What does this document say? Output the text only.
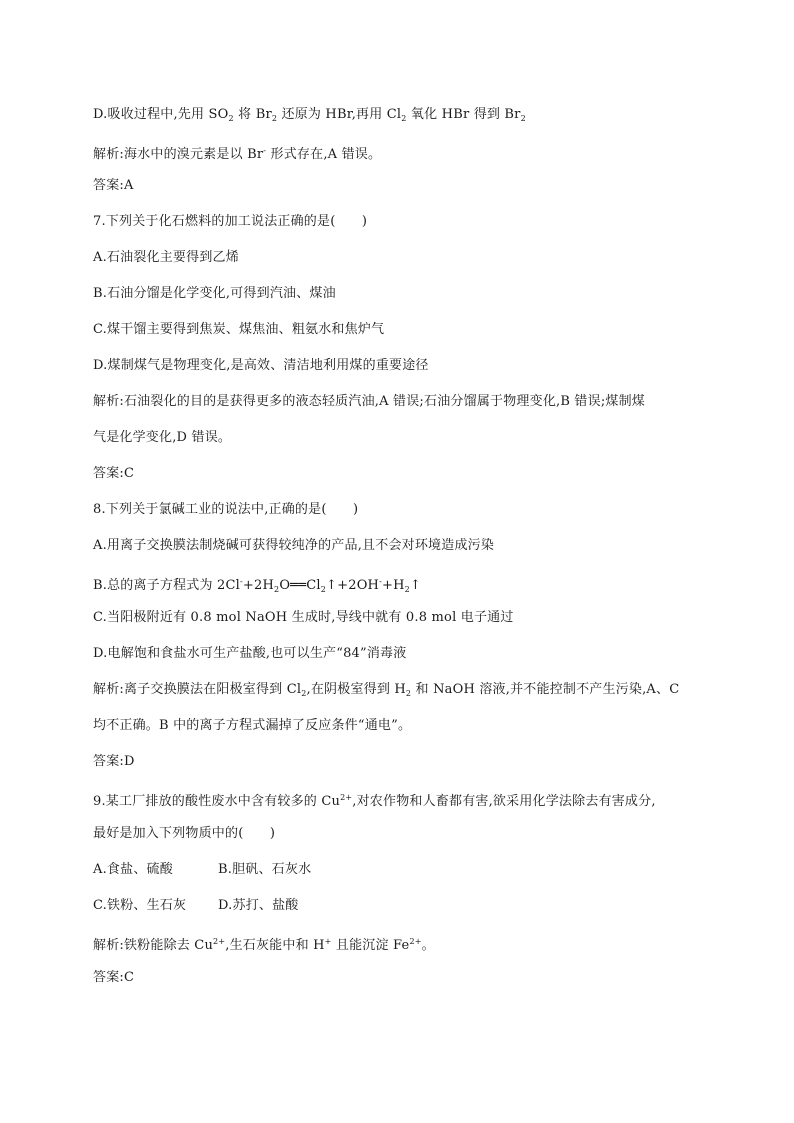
D.吸收过程中,先用 $SO_2$ 将 $Br_2$ 还原为 HBr,再用 $Cl_2$ 氧化 HBr 得到 $Br_2$
解析:海水中的溴元素是以 Br- 形式存在,A 错误。
答案:A
7.下列关于化石燃料的加工说法正确的是(　　)
A.石油裂化主要得到乙烯
B.石油分馏是化学变化,可得到汽油、煤油
C.煤干馏主要得到焦炭、煤焦油、粗氨水和焦炉气
D.煤制煤气是物理变化,是高效、清洁地利用煤的重要途径
解析:石油裂化的目的是获得更多的液态轻质汽油,A 错误;石油分馏属于物理变化,B 错误;煤制煤
气是化学变化,D 错误。
答案:C
8.下列关于氯碱工业的说法中,正确的是(　　)
A.用离子交换膜法制烧碱可获得较纯净的产品,且不会对环境造成污染
B.总的离子方程式为 $2Cl^-+2H_2O══Cl_2↑+2OH^-+H_2↑$
C.当阳极附近有 0.8 mol NaOH 生成时,导线中就有 0.8 mol 电子通过
D.电解饱和食盐水可生产盐酸,也可以生产“84”消毒液
解析:离子交换膜法在阳极室得到 $Cl_2$,在阴极室得到 $H_2$ 和 NaOH 溶液,并不能控制不产生污染,A、C
均不正确。B 中的离子方程式漏掉了反应条件“通电”。
答案:D
9.某工厂排放的酸性废水中含有较多的 $Cu^{2+}$,对农作物和人畜都有害,欲采用化学法除去有害成分,
最好是加入下列物质中的(　　)
A.食盐、硫酸	B.胆矾、石灰水
C.铁粉、生石灰 D.苏打、盐酸
解析:铁粉能除去 $Cu^{2+}$,生石灰能中和 H+ 且能沉淀 $Fe^{2+}$。
答案:C
